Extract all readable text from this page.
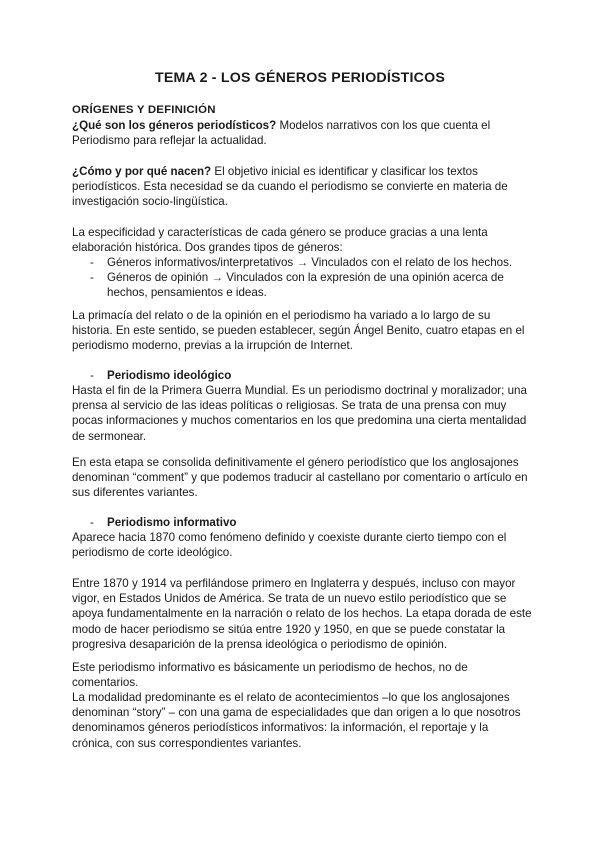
TEMA 2 - LOS GÉNEROS PERIODÍSTICOS
ORÍGENES Y DEFINICIÓN

¿Qué son los géneros periodísticos? Modelos narrativos con los que cuenta el Periodismo para reflejar la actualidad.

¿Cómo y por qué nacen? El objetivo inicial es identificar y clasificar los textos periodísticos. Esta necesidad se da cuando el periodismo se convierte en materia de investigación socio-lingüística.

La especificidad y características de cada género se produce gracias a una lenta elaboración histórica. Dos grandes tipos de géneros:

- Géneros informativos/interpretativos → Vinculados con el relato de los hechos.
- Géneros de opinión → Vinculados con la expresión de una opinión acerca de hechos, pensamientos e ideas.

La primacía del relato o de la opinión en el periodismo ha variado a lo largo de su historia. En este sentido, se pueden establecer, según Ángel Benito, cuatro etapas en el periodismo moderno, previas a la irrupción de Internet.

- Periodismo ideológico

Hasta el fin de la Primera Guerra Mundial. Es un periodismo doctrinal y moralizador; una prensa al servicio de las ideas políticas o religiosas. Se trata de una prensa con muy pocas informaciones y muchos comentarios en los que predomina una cierta mentalidad de sermonear.

En esta etapa se consolida definitivamente el género periodístico que los anglosajones denominan “comment” y que podemos traducir al castellano por comentario o artículo en sus diferentes variantes.

- Periodismo informativo

Aparece hacia 1870 como fenómeno definido y coexiste durante cierto tiempo con el periodismo de corte ideológico.

Entre 1870 y 1914 va perfilándose primero en Inglaterra y después, incluso con mayor vigor, en Estados Unidos de América. Se trata de un nuevo estilo periodístico que se apoya fundamentalmente en la narración o relato de los hechos. La etapa dorada de este modo de hacer periodismo se sitúa entre 1920 y 1950, en que se puede constatar la progresiva desaparición de la prensa ideológica o periodismo de opinión.

Este periodismo informativo es básicamente un periodismo de hechos, no de comentarios.

La modalidad predominante es el relato de acontecimientos –lo que los anglosajones denominan “story” – con una gama de especialidades que dan origen a lo que nosotros denominamos géneros periodísticos informativos: la información, el reportaje y la crónica, con sus correspondientes variantes.
